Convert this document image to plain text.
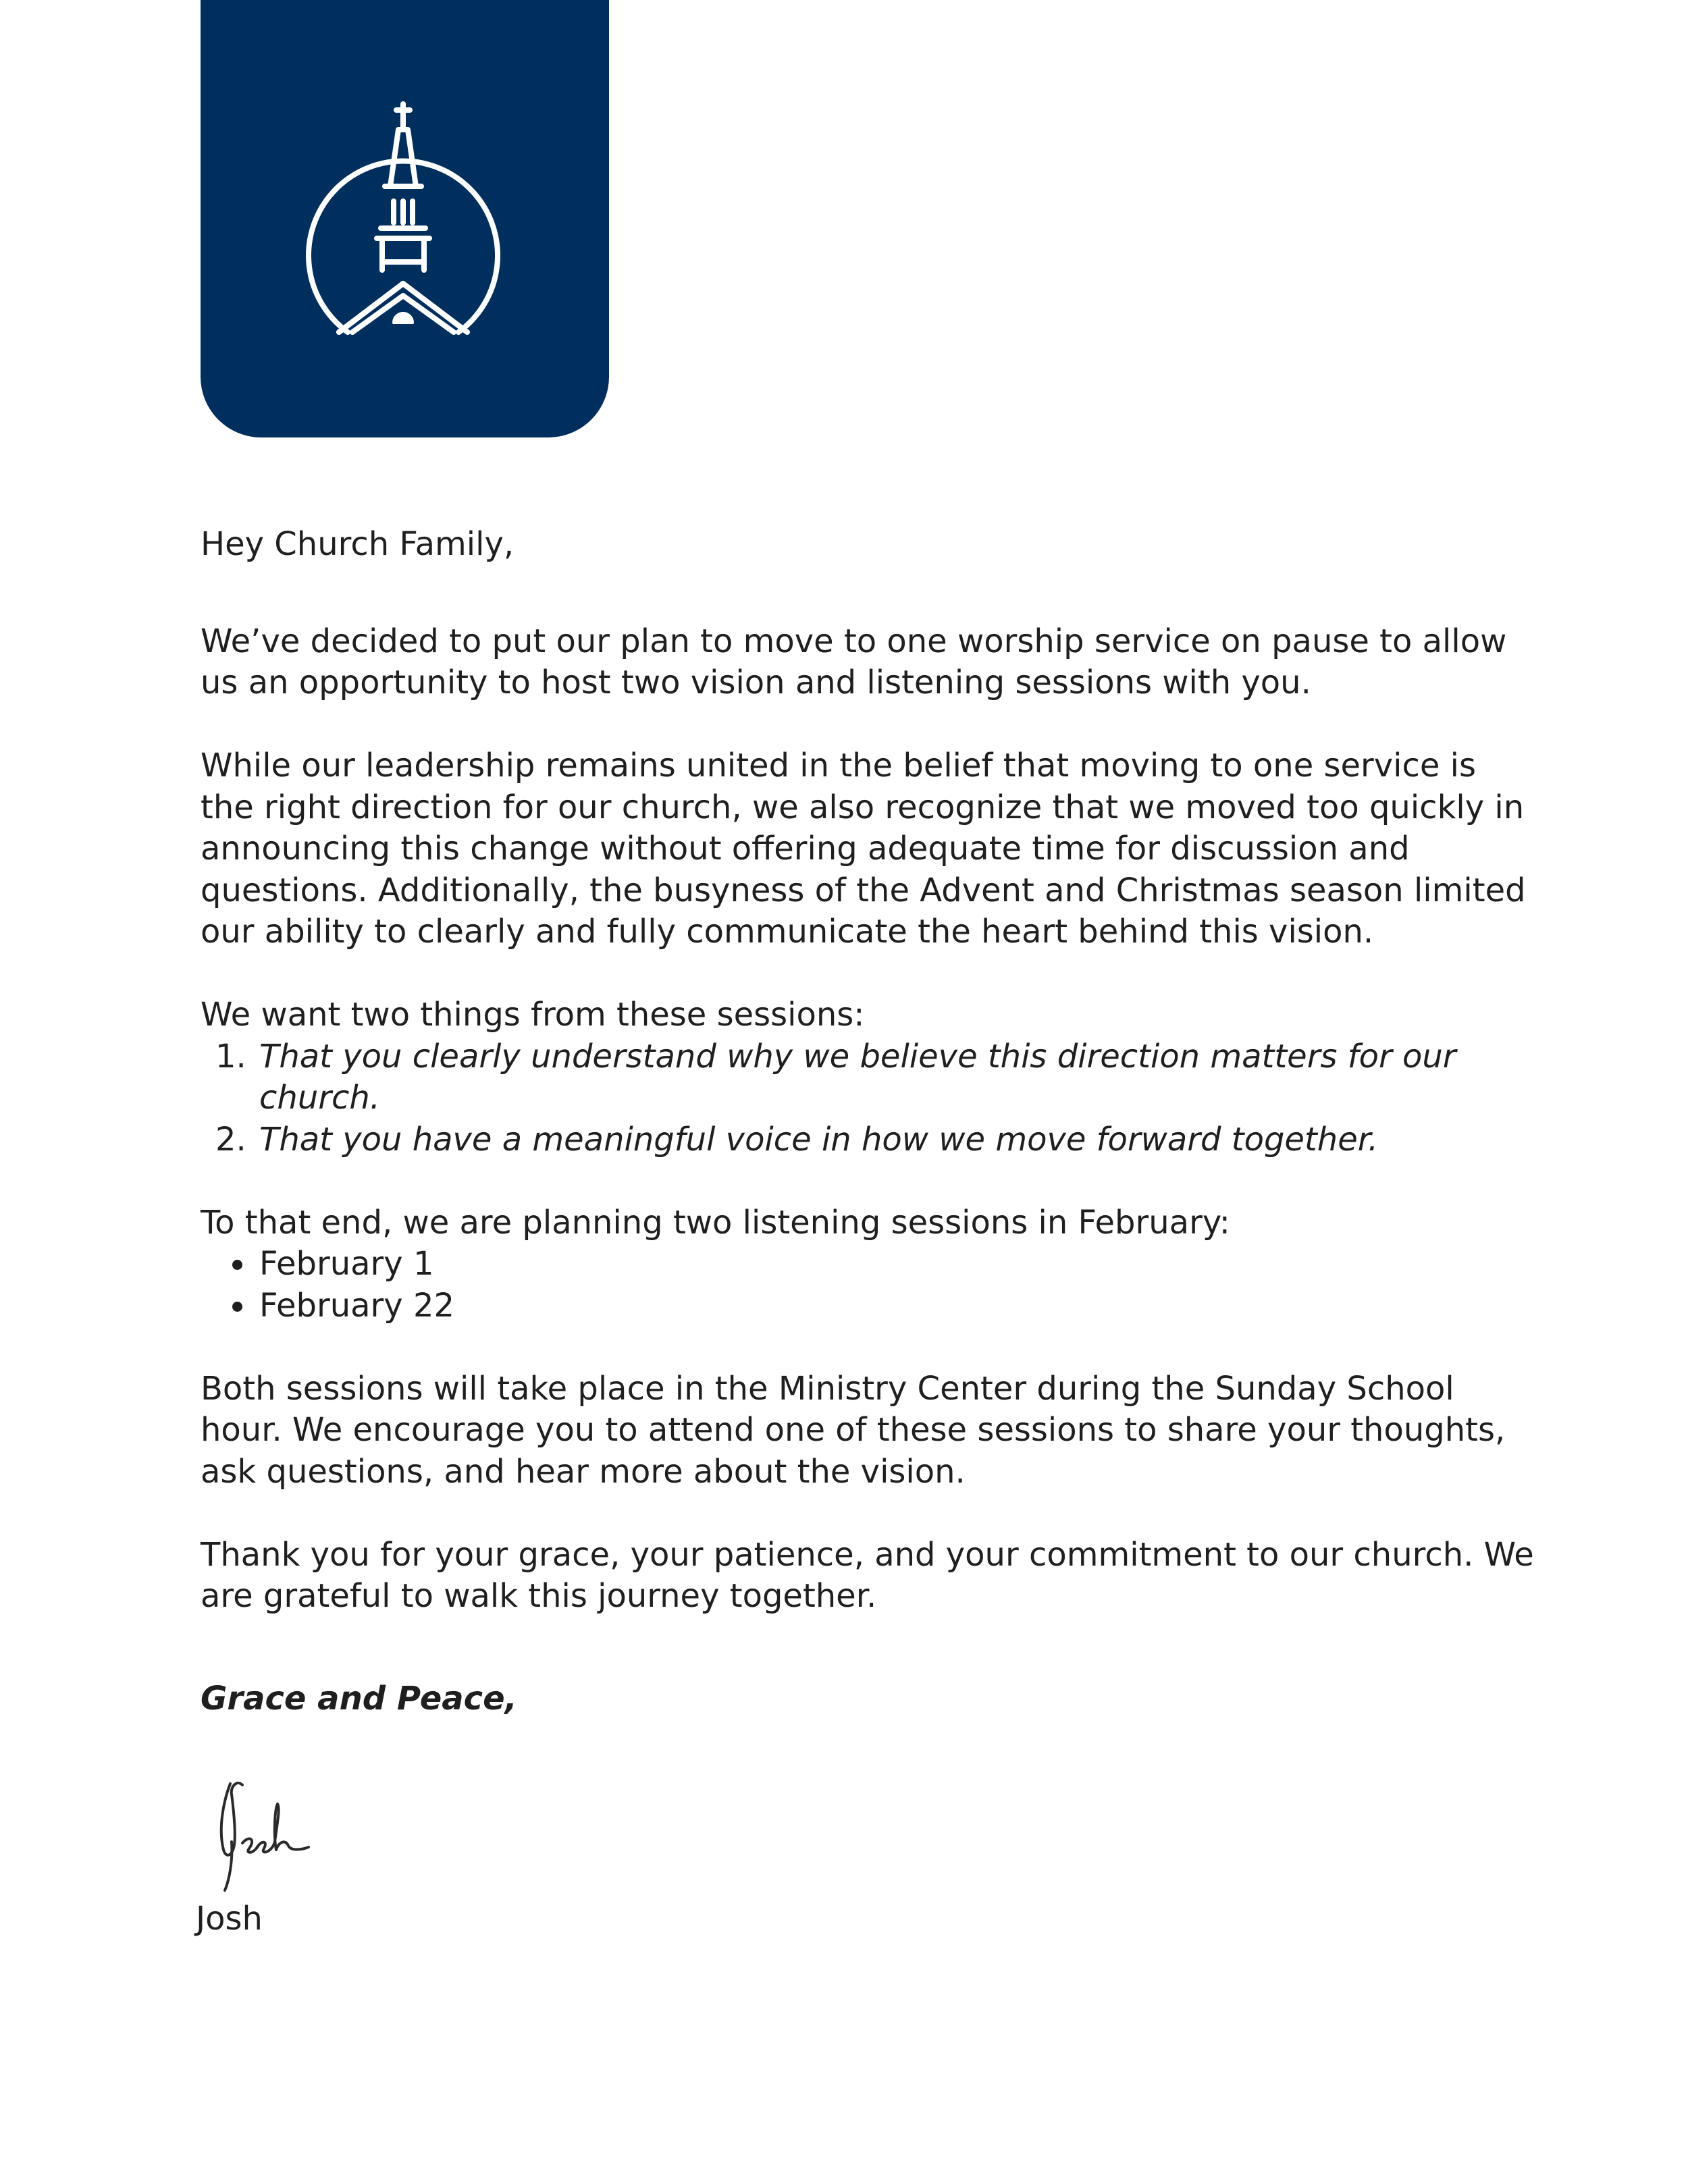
Hey Church Family,

We’ve decided to put our plan to move to one worship service on pause to allow us an opportunity to host two vision and listening sessions with you.

While our leadership remains united in the belief that moving to one service is the right direction for our church, we also recognize that we moved too quickly in announcing this change without offering adequate time for discussion and questions. Additionally, the busyness of the Advent and Christmas season limited our ability to clearly and fully communicate the heart behind this vision.

We want two things from these sessions:

1. That you clearly understand why we believe this direction matters for our church.
2. That you have a meaningful voice in how we move forward together.

To that end, we are planning two listening sessions in February:

• February 1
• February 22

Both sessions will take place in the Ministry Center during the Sunday School hour. We encourage you to attend one of these sessions to share your thoughts, ask questions, and hear more about the vision.

Thank you for your grace, your patience, and your commitment to our church. We are grateful to walk this journey together.

Grace and Peace,

Josh
